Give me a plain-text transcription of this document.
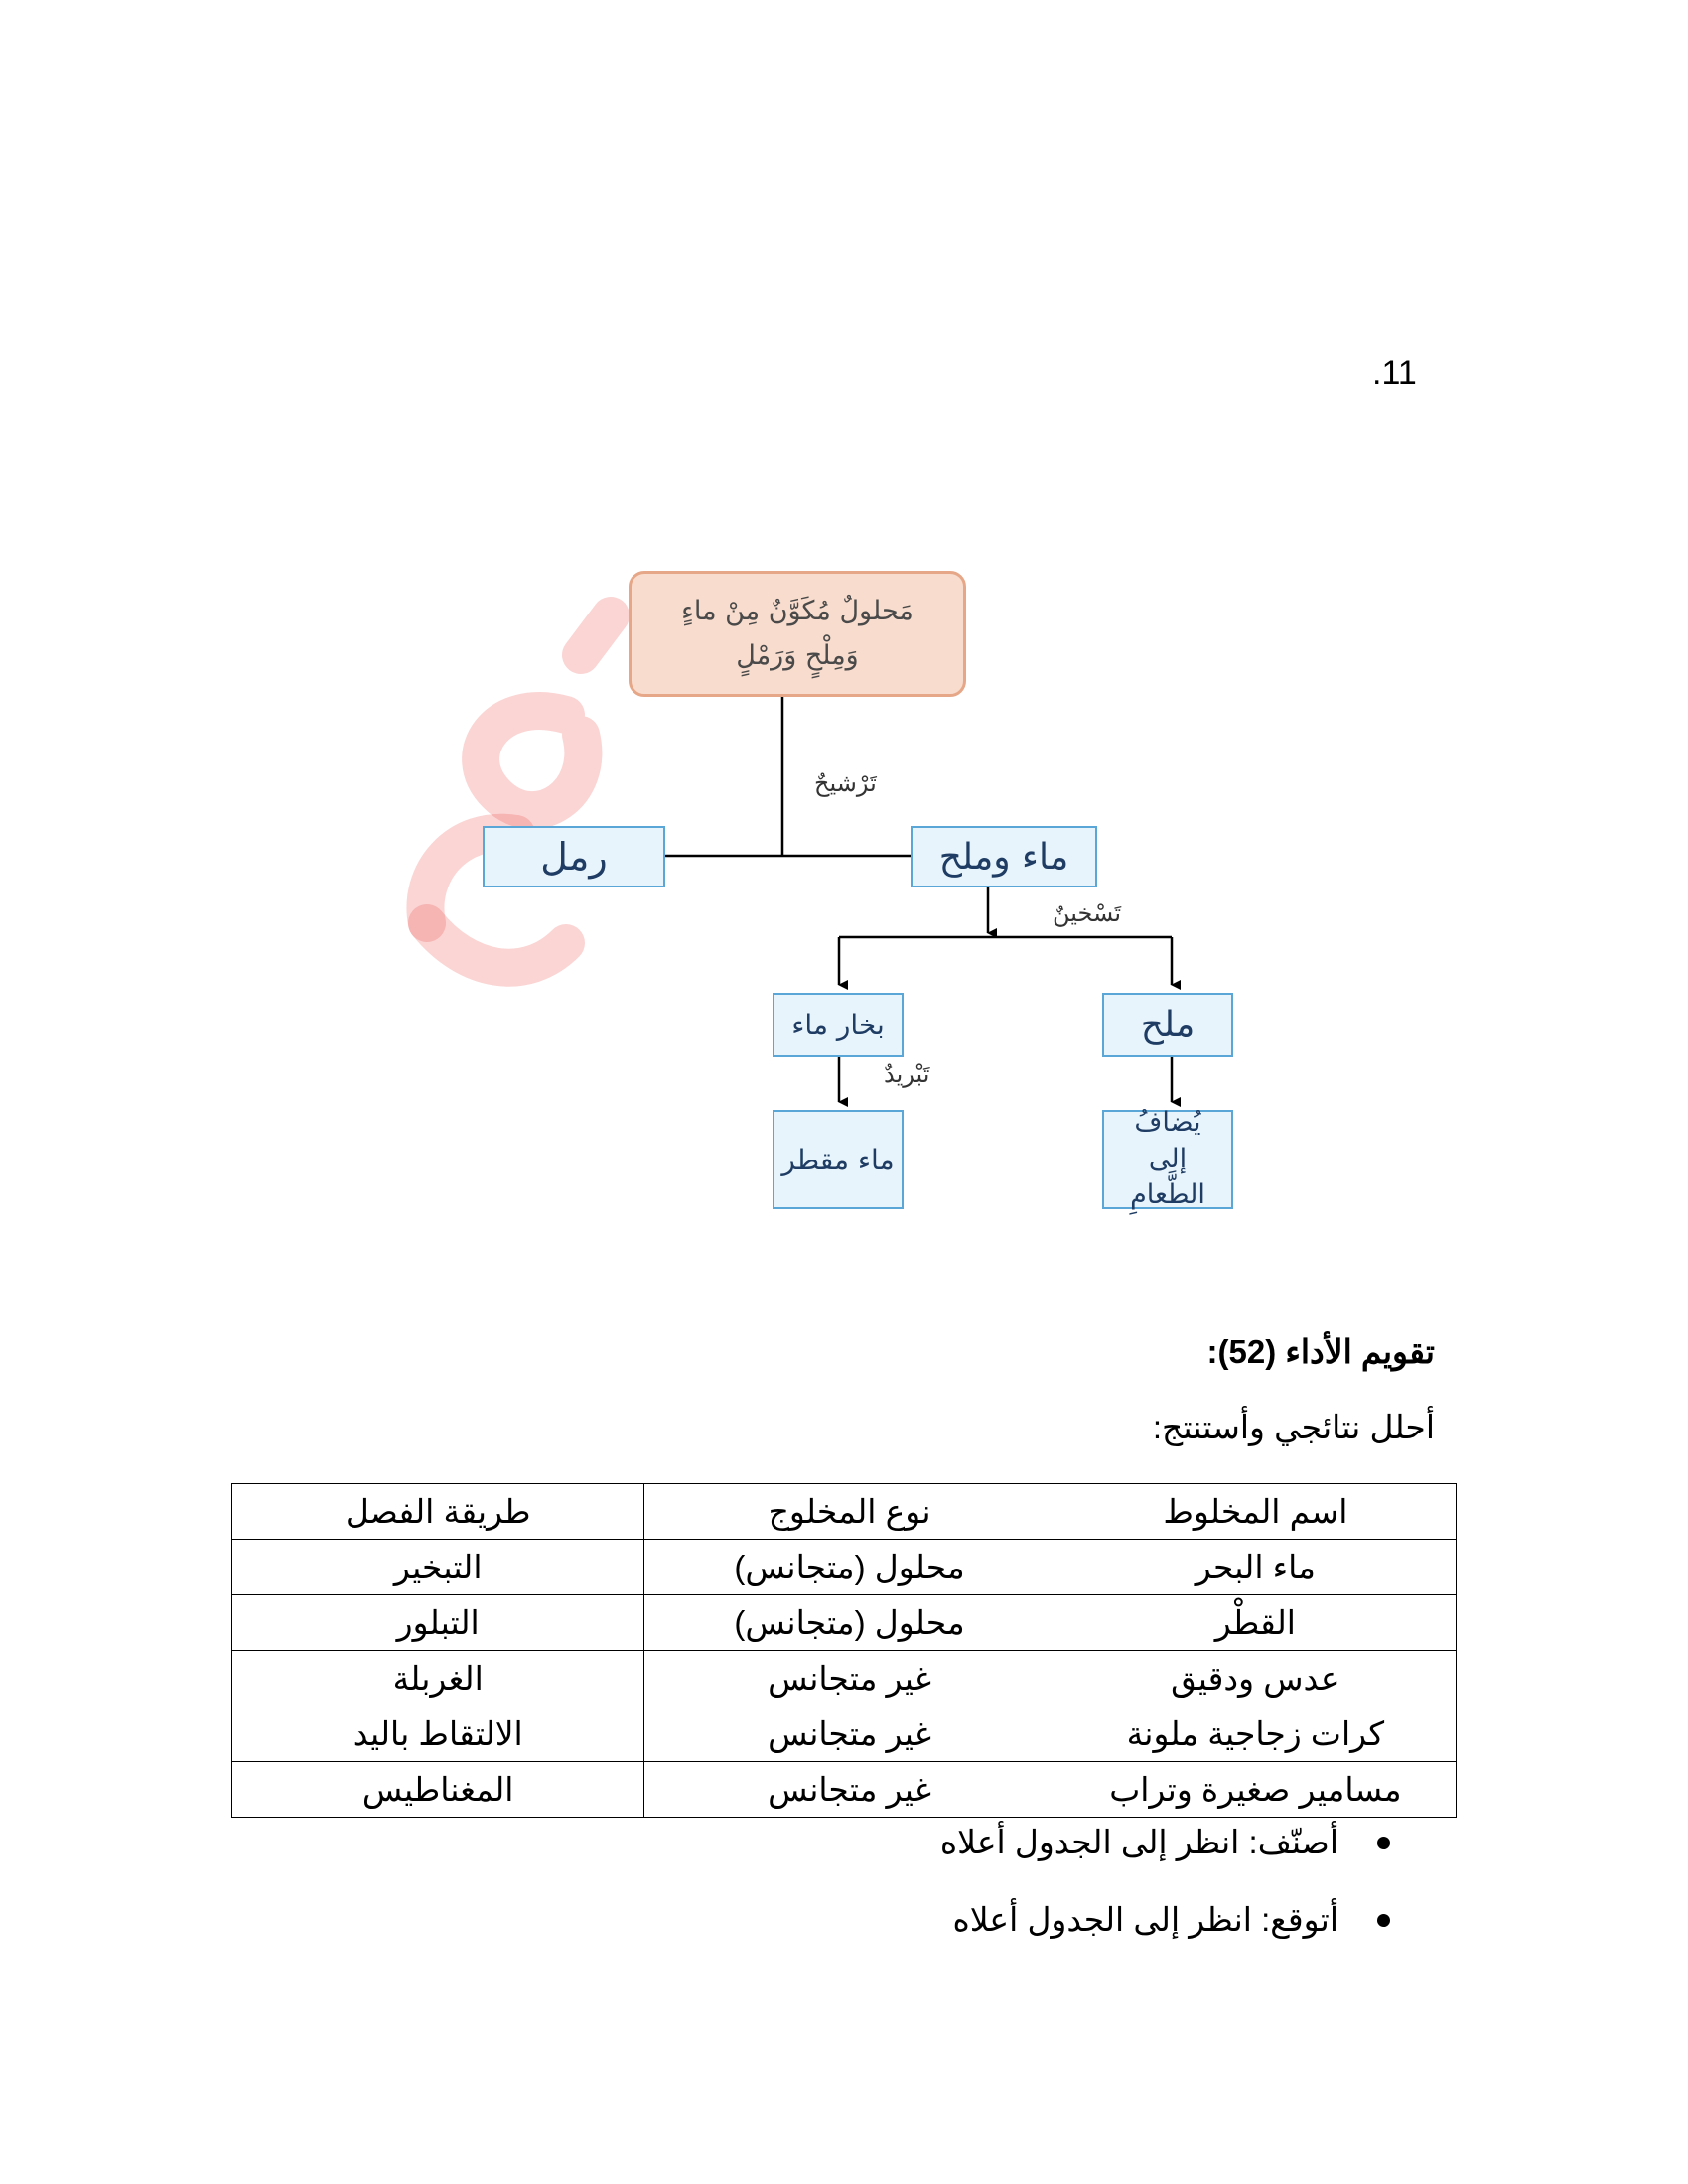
.11
مَحلولٌ مُكَوَّنٌ مِنْ ماءٍ وَمِلْحٍ وَرَمْلٍ
رمل	ماء وملح
بخار ماء	ملح
ماء مقطر
يُضافُ إلى الطَّعامِ
تَرْشيحٌ
تَسْخينٌ
تَبْريدٌ
تقويم الأداء (52):
أحلل نتائجي وأستنتج:
اسم المخلوط	نوع المخلوج	طريقة الفصل
ماء البحر	محلول (متجانس)	التبخير
القطْر	محلول (متجانس)	التبلور
عدس ودقيق	غير متجانس	الغربلة
كرات زجاجية ملونة	غير متجانس	الالتقاط باليد
مسامير صغيرة وتراب	غير متجانس	المغناطيس
أصنّف: انظر إلى الجدول أعلاه
أتوقع: انظر إلى الجدول أعلاه
